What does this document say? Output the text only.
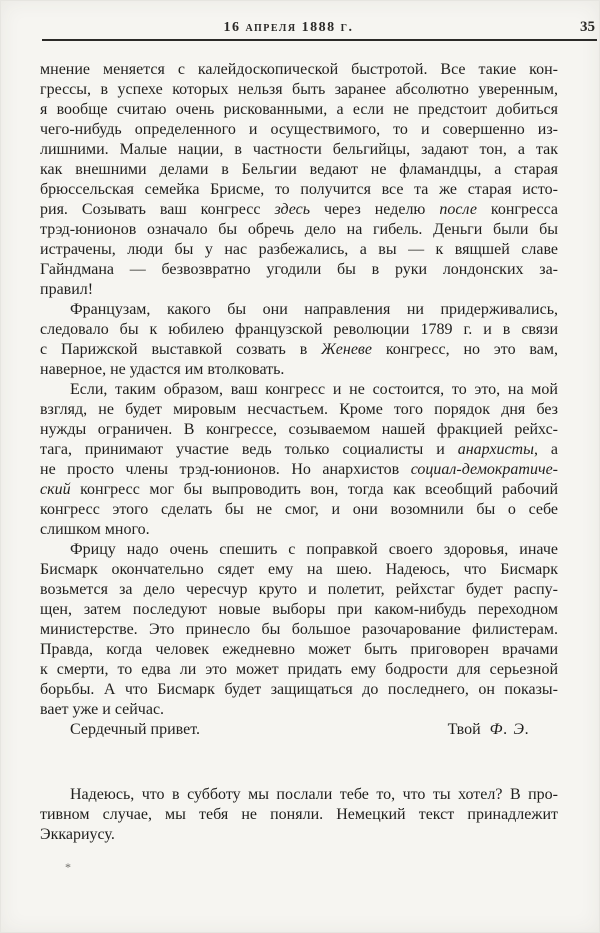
16 апреля 1888 г.	35
мнение меняется с калейдоскопической быстротой. Все такие кон-
грессы, в успехе которых нельзя быть заранее абсолютно уверенным,
я вообще считаю очень рискованными, а если не предстоит добиться
чего-нибудь определенного и осуществимого, то и совершенно из-
лишними. Малые нации, в частности бельгийцы, задают тон, а так
как внешними делами в Бельгии ведают не фламандцы, а старая
брюссельская семейка Брисме, то получится все та же старая исто-
рия. Созывать ваш конгресс здесь через неделю после конгресса
трэд-юнионов означало бы обречь дело на гибель. Деньги были бы
истрачены, люди бы у нас разбежались, а вы — к вящшей славе
Гайндмана — безвозвратно угодили бы в руки лондонских за-
правил!
Французам, какого бы они направления ни придерживались,
следовало бы к юбилею французской революции 1789 г. и в связи
с Парижской выставкой созвать в Женеве конгресс, но это вам,
наверное, не удастся им втолковать.
Если, таким образом, ваш конгресс и не состоится, то это, на мой
взгляд, не будет мировым несчастьем. Кроме того порядок дня без
нужды ограничен. В конгрессе, созываемом нашей фракцией рейхс-
тага, принимают участие ведь только социалисты и анархисты, а
не просто члены трэд-юнионов. Но анархистов социал-демократиче-
ский конгресс мог бы выпроводить вон, тогда как всеобщий рабочий
конгресс этого сделать бы не смог, и они возомнили бы о себе
слишком много.
Фрицу надо очень спешить с поправкой своего здоровья, иначе
Бисмарк окончательно сядет ему на шею. Надеюсь, что Бисмарк
возьмется за дело чересчур круто и полетит, рейхстаг будет распу-
щен, затем последуют новые выборы при каком-нибудь переходном
министерстве. Это принесло бы большое разочарование филистерам.
Правда, когда человек ежедневно может быть приговорен врачами
к смерти, то едва ли это может придать ему бодрости для серьезной
борьбы. А что Бисмарк будет защищаться до последнего, он показы-
вает уже и сейчас.
Сердечный привет.	Твой Ф. Э.
Надеюсь, что в субботу мы послали тебе то, что ты хотел? В про-
тивном случае, мы тебя не поняли. Немецкий текст принадлежит
Эккариусу.
*
